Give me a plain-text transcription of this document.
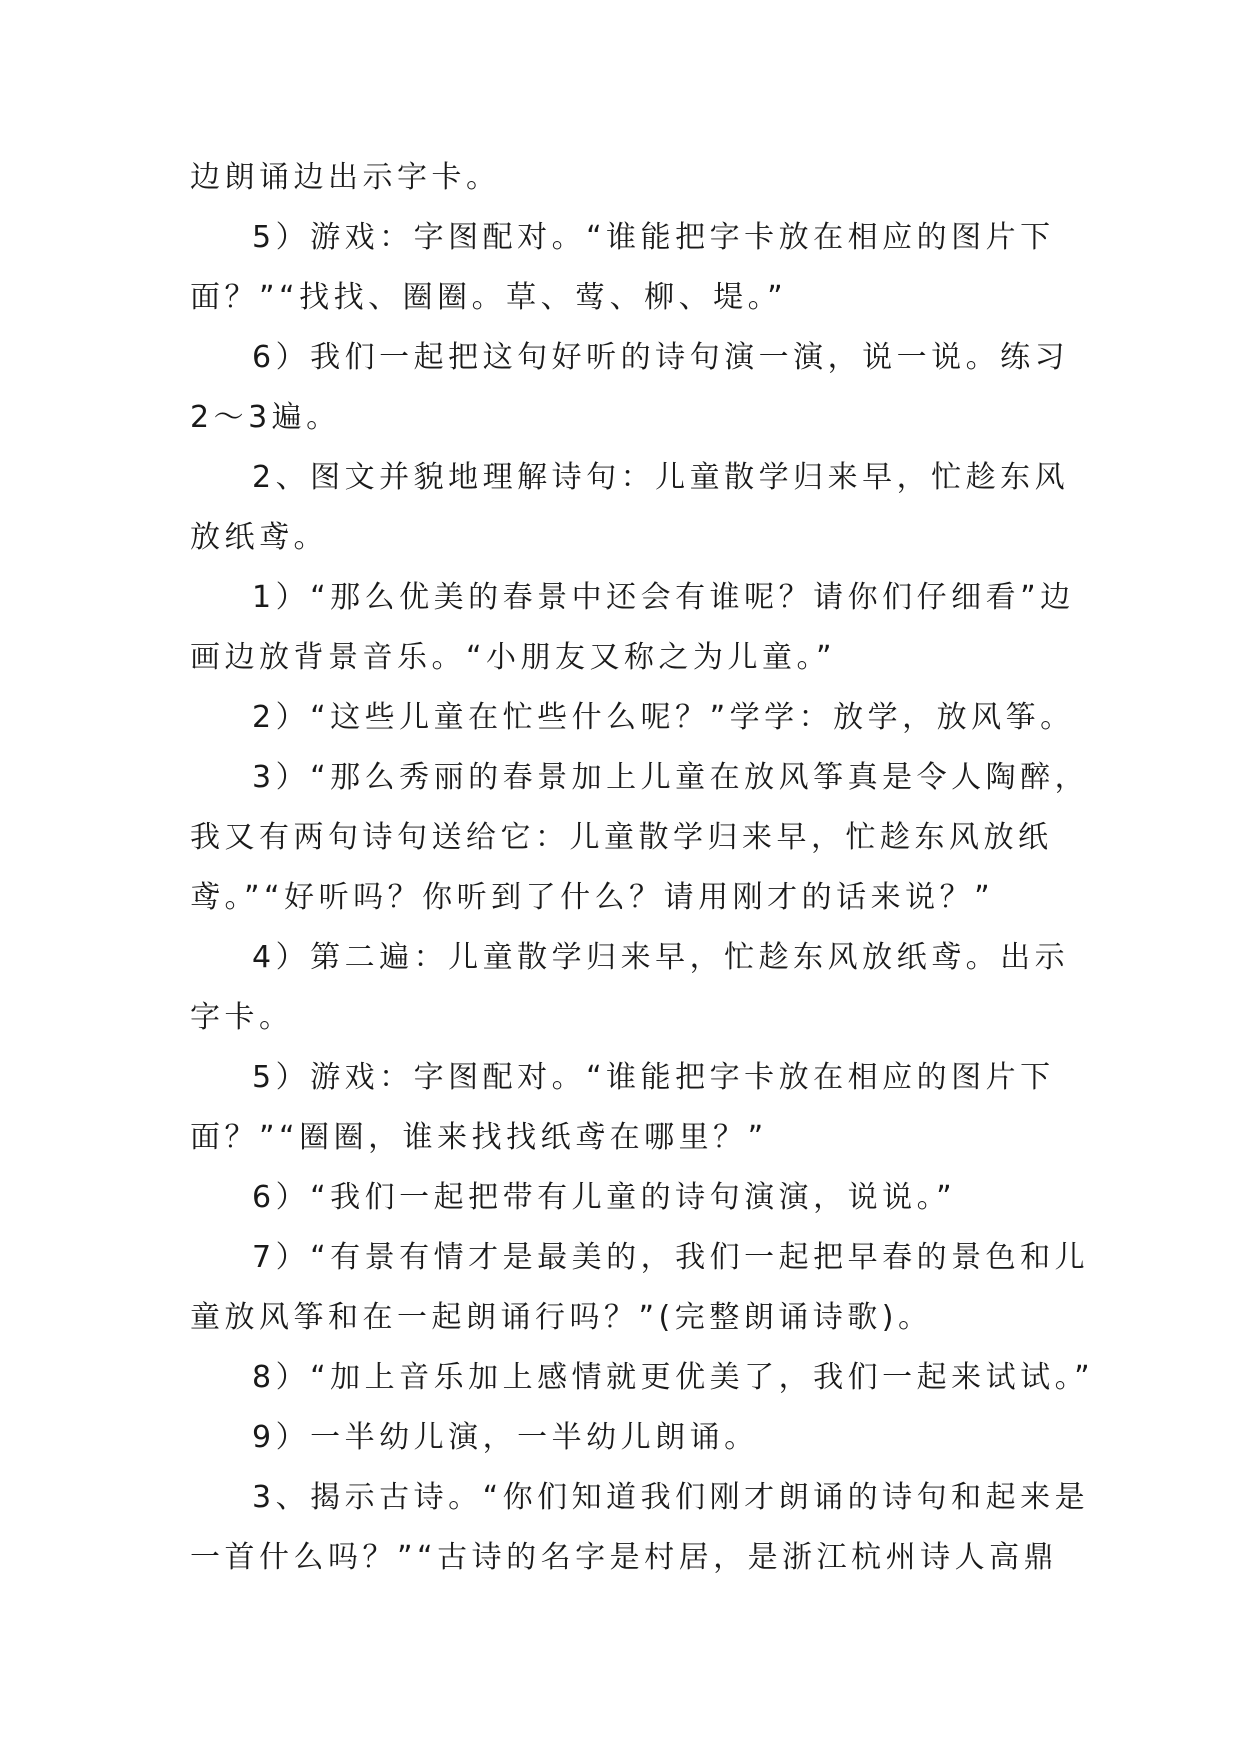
边朗诵边出示字卡。
5）游戏：字图配对。“谁能把字卡放在相应的图片下
面？”“找找、圈圈。草、莺、柳、堤。”
6）我们一起把这句好听的诗句演一演，说一说。练习
2～3遍。
2、图文并貌地理解诗句：儿童散学归来早，忙趁东风
放纸鸢。
1）“那么优美的春景中还会有谁呢？请你们仔细看”边
画边放背景音乐。“小朋友又称之为儿童。”
2）“这些儿童在忙些什么呢？”学学：放学，放风筝。
3）“那么秀丽的春景加上儿童在放风筝真是令人陶醉，
我又有两句诗句送给它：儿童散学归来早，忙趁东风放纸
鸢。”“好听吗？你听到了什么？请用刚才的话来说？”
4）第二遍：儿童散学归来早，忙趁东风放纸鸢。出示
字卡。
5）游戏：字图配对。“谁能把字卡放在相应的图片下
面？”“圈圈，谁来找找纸鸢在哪里？”
6）“我们一起把带有儿童的诗句演演，说说。”
7）“有景有情才是最美的，我们一起把早春的景色和儿
童放风筝和在一起朗诵行吗？”(完整朗诵诗歌)。
8）“加上音乐加上感情就更优美了，我们一起来试试。”
9）一半幼儿演，一半幼儿朗诵。
3、揭示古诗。“你们知道我们刚才朗诵的诗句和起来是
一首什么吗？”“古诗的名字是村居，是浙江杭州诗人高鼎
